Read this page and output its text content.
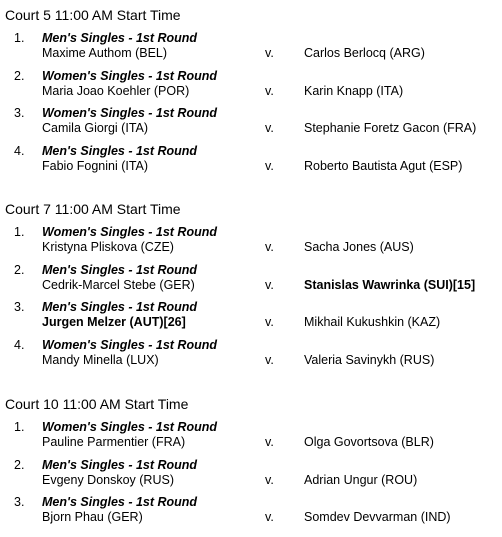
Court 5 11:00 AM Start Time
1. Men's Singles - 1st Round
Maxime Authom (BEL)	v. Carlos Berlocq (ARG)
2. Women's Singles - 1st Round
Maria Joao Koehler (POR)	v. Karin Knapp (ITA)
3. Women's Singles - 1st Round
Camila Giorgi (ITA)	v. Stephanie Foretz Gacon (FRA)
4. Men's Singles - 1st Round
Fabio Fognini (ITA)	v. Roberto Bautista Agut (ESP)
Court 7 11:00 AM Start Time
1. Women's Singles - 1st Round
Kristyna Pliskova (CZE)	v. Sacha Jones (AUS)
2. Men's Singles - 1st Round
Cedrik-Marcel Stebe (GER)	v. Stanislas Wawrinka (SUI)[15]
3. Men's Singles - 1st Round
Jurgen Melzer (AUT)[26]	v. Mikhail Kukushkin (KAZ)
4. Women's Singles - 1st Round
Mandy Minella (LUX)	v. Valeria Savinykh (RUS)
Court 10 11:00 AM Start Time
1. Women's Singles - 1st Round
Pauline Parmentier (FRA)	v. Olga Govortsova (BLR)
2. Men's Singles - 1st Round
Evgeny Donskoy (RUS)	v. Adrian Ungur (ROU)
3. Men's Singles - 1st Round
Bjorn Phau (GER)	v. Somdev Devvarman (IND)
